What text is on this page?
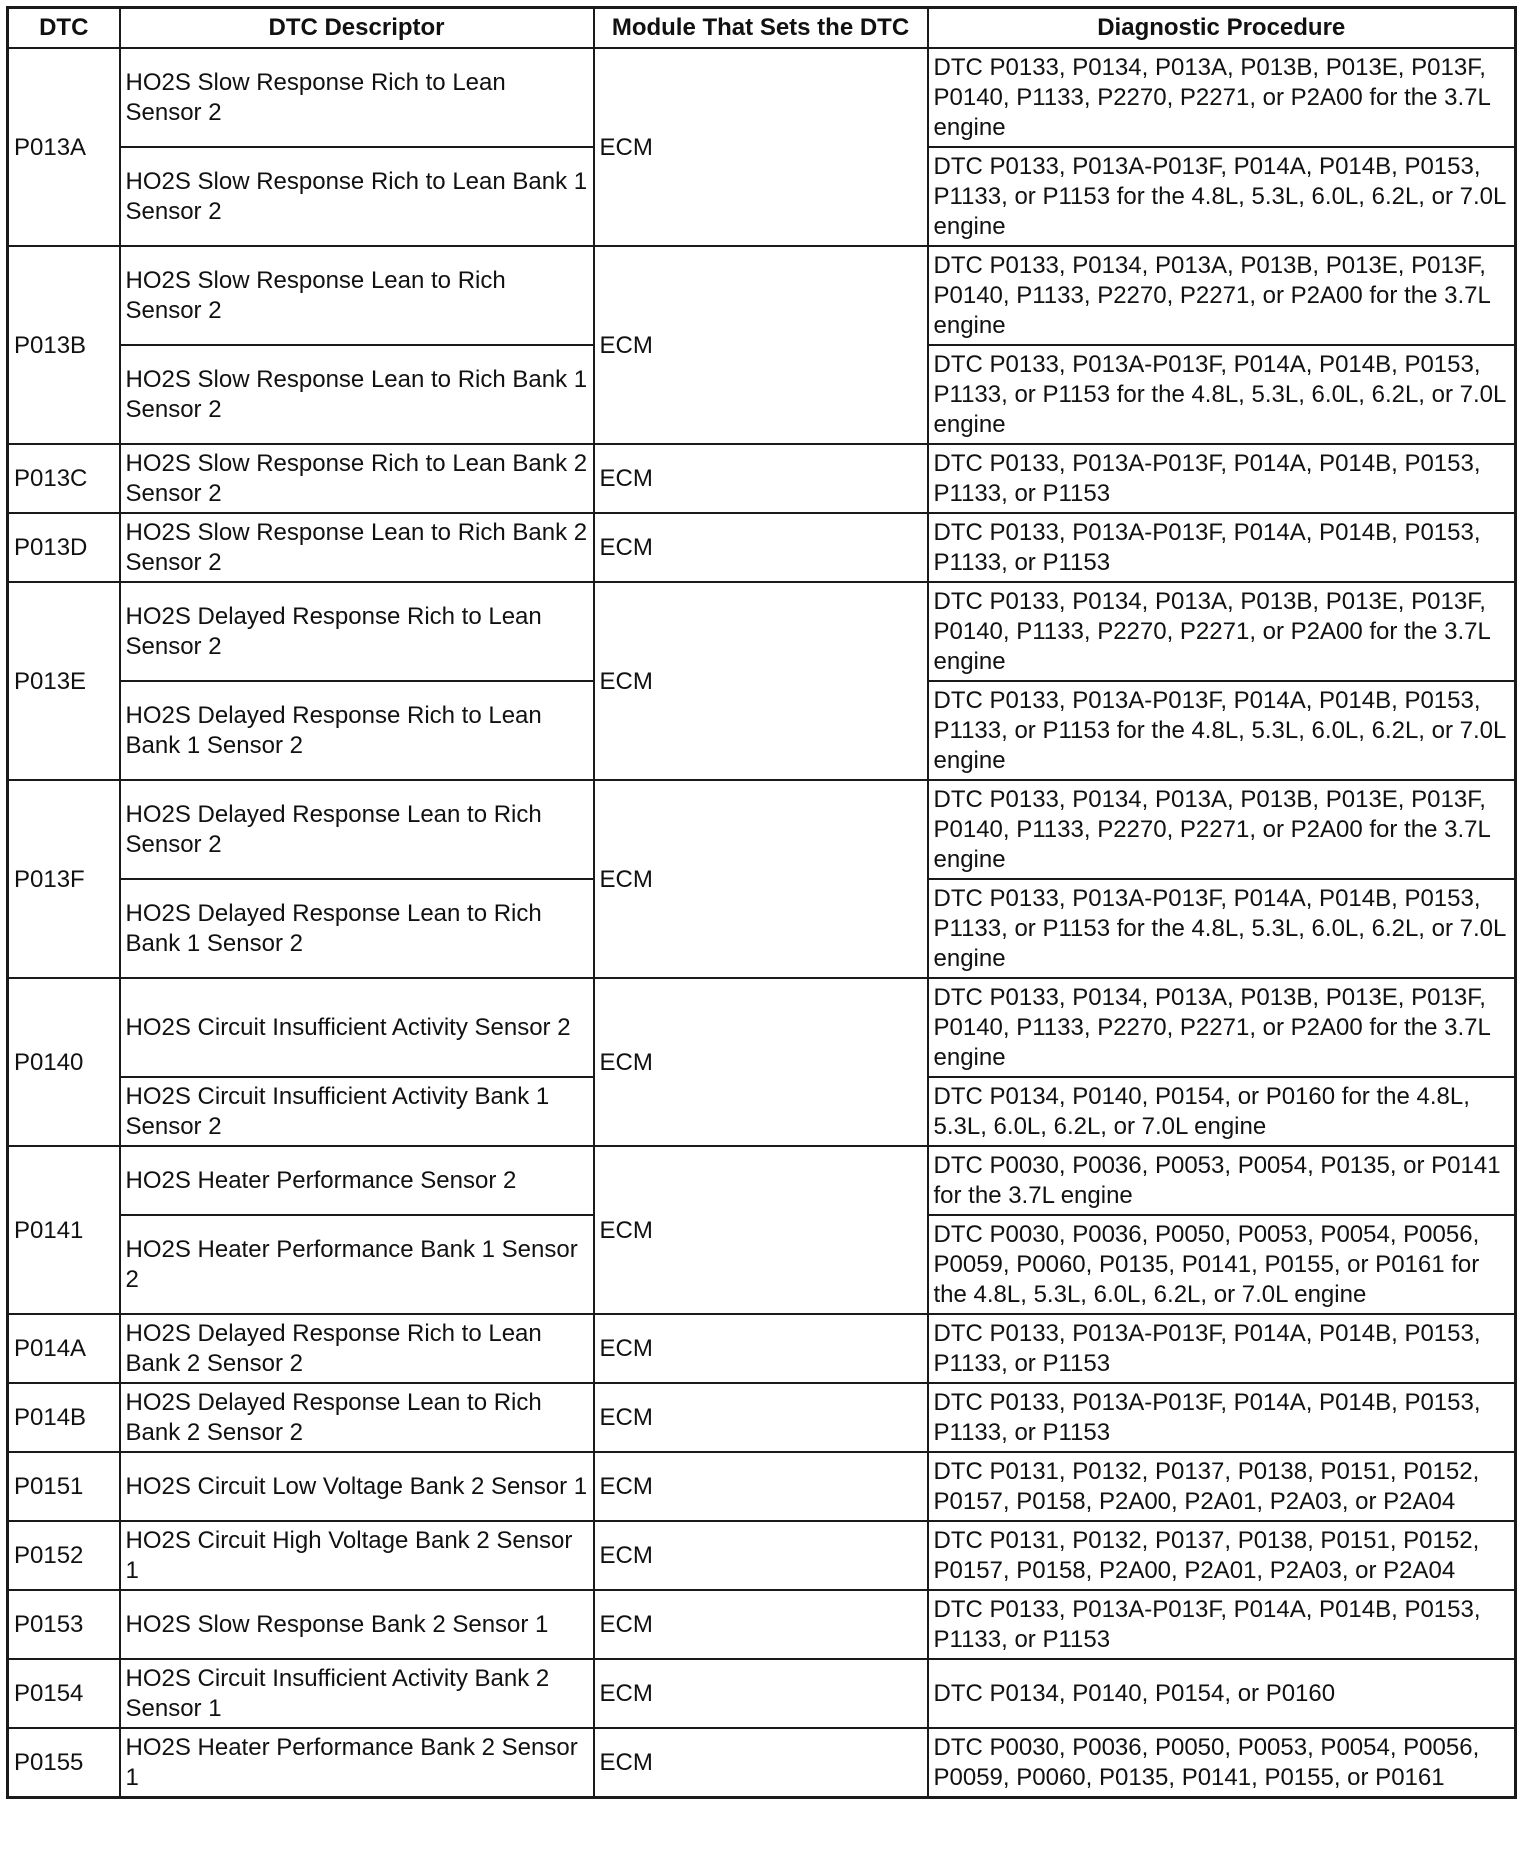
DTC	DTC Descriptor	Module That Sets the DTC	Diagnostic Procedure
P013A	HO2S Slow Response Rich to Lean Sensor 2	ECM	DTC P0133, P0134, P013A, P013B, P013E, P013F, P0140, P1133, P2270, P2271, or P2A00 for the 3.7L engine
	HO2S Slow Response Rich to Lean Bank 1 Sensor 2		DTC P0133, P013A-P013F, P014A, P014B, P0153, P1133, or P1153 for the 4.8L, 5.3L, 6.0L, 6.2L, or 7.0L engine
P013B	HO2S Slow Response Lean to Rich Sensor 2	ECM	DTC P0133, P0134, P013A, P013B, P013E, P013F, P0140, P1133, P2270, P2271, or P2A00 for the 3.7L engine
	HO2S Slow Response Lean to Rich Bank 1 Sensor 2		DTC P0133, P013A-P013F, P014A, P014B, P0153, P1133, or P1153 for the 4.8L, 5.3L, 6.0L, 6.2L, or 7.0L engine
P013C	HO2S Slow Response Rich to Lean Bank 2 Sensor 2	ECM	DTC P0133, P013A-P013F, P014A, P014B, P0153, P1133, or P1153
P013D	HO2S Slow Response Lean to Rich Bank 2 Sensor 2	ECM	DTC P0133, P013A-P013F, P014A, P014B, P0153, P1133, or P1153
P013E	HO2S Delayed Response Rich to Lean Sensor 2	ECM	DTC P0133, P0134, P013A, P013B, P013E, P013F, P0140, P1133, P2270, P2271, or P2A00 for the 3.7L engine
	HO2S Delayed Response Rich to Lean Bank 1 Sensor 2		DTC P0133, P013A-P013F, P014A, P014B, P0153, P1133, or P1153 for the 4.8L, 5.3L, 6.0L, 6.2L, or 7.0L engine
P013F	HO2S Delayed Response Lean to Rich Sensor 2	ECM	DTC P0133, P0134, P013A, P013B, P013E, P013F, P0140, P1133, P2270, P2271, or P2A00 for the 3.7L engine
	HO2S Delayed Response Lean to Rich Bank 1 Sensor 2		DTC P0133, P013A-P013F, P014A, P014B, P0153, P1133, or P1153 for the 4.8L, 5.3L, 6.0L, 6.2L, or 7.0L engine
P0140	HO2S Circuit Insufficient Activity Sensor 2	ECM	DTC P0133, P0134, P013A, P013B, P013E, P013F, P0140, P1133, P2270, P2271, or P2A00 for the 3.7L engine
	HO2S Circuit Insufficient Activity Bank 1 Sensor 2		DTC P0134, P0140, P0154, or P0160 for the 4.8L, 5.3L, 6.0L, 6.2L, or 7.0L engine
P0141	HO2S Heater Performance Sensor 2	ECM	DTC P0030, P0036, P0053, P0054, P0135, or P0141 for the 3.7L engine
	HO2S Heater Performance Bank 1 Sensor 2		DTC P0030, P0036, P0050, P0053, P0054, P0056, P0059, P0060, P0135, P0141, P0155, or P0161 for the 4.8L, 5.3L, 6.0L, 6.2L, or 7.0L engine
P014A	HO2S Delayed Response Rich to Lean Bank 2 Sensor 2	ECM	DTC P0133, P013A-P013F, P014A, P014B, P0153, P1133, or P1153
P014B	HO2S Delayed Response Lean to Rich Bank 2 Sensor 2	ECM	DTC P0133, P013A-P013F, P014A, P014B, P0153, P1133, or P1153
P0151	HO2S Circuit Low Voltage Bank 2 Sensor 1	ECM	DTC P0131, P0132, P0137, P0138, P0151, P0152, P0157, P0158, P2A00, P2A01, P2A03, or P2A04
P0152	HO2S Circuit High Voltage Bank 2 Sensor 1	ECM	DTC P0131, P0132, P0137, P0138, P0151, P0152, P0157, P0158, P2A00, P2A01, P2A03, or P2A04
P0153	HO2S Slow Response Bank 2 Sensor 1	ECM	DTC P0133, P013A-P013F, P014A, P014B, P0153, P1133, or P1153
P0154	HO2S Circuit Insufficient Activity Bank 2 Sensor 1	ECM	DTC P0134, P0140, P0154, or P0160
P0155	HO2S Heater Performance Bank 2 Sensor 1	ECM	DTC P0030, P0036, P0050, P0053, P0054, P0056, P0059, P0060, P0135, P0141, P0155, or P0161
